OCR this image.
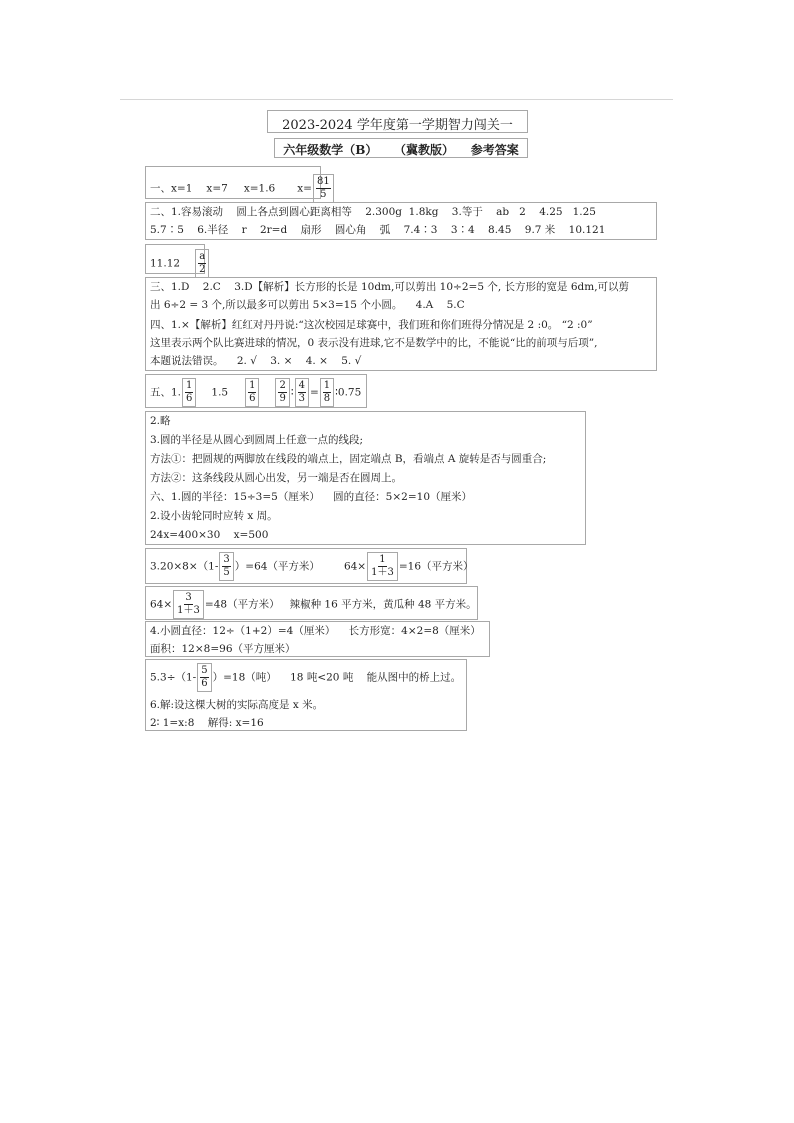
2023-2024 学年度第一学期智力闯关一
六年级数学（B）    （冀教版）    参考答案
一、x=1 x=7 x=1.6 $x= \frac{81}{5}$
二、1.容易滚动    圆上各点到圆心距离相等    2.300g  1.8kg    3.等于    ab   2    4.25   1.25
5.7∶5    6.半径    r    2r=d    扇形    圆心角    弧    7.4∶3    3∶4    8.45    9.7 米    10.121
$11.12 \frac{a}{2}$
三、1.D    2.C    3.D【解析】长方形的长是 10dm,可以剪出 10÷2=5 个, 长方形的宽是 6dm,可以剪
出 6÷2 = 3 个,所以最多可以剪出 5×3=15 个小圆。    4.A    5.C
四、1.×【解析】红红对丹丹说:“这次校园足球赛中，我们班和你们班得分情况是 2 :0。 “2 :0”
这里表示两个队比赛进球的情况，0 表示没有进球,它不是数学中的比，不能说“比的前项与后项”,
本题说法错误。    2. √    3. ×    4. ×    5. √
五、1. $\frac{1}{6} 1.5 \frac{1}{6} \frac{2}{9}$ ∶ $\frac{4}{3} = \frac{1}{8}$ ∶0.75
2.略
3.圆的半径是从圆心到圆周上任意一点的线段;
方法①：把圆规的两脚放在线段的端点上，固定端点 B，看端点 A 旋转是否与圆重合;
方法②：这条线段从圆心出发，另一端是否在圆周上。
六、1.圆的半径：15÷3=5（厘米）    圆的直径：5×2=10（厘米）
2.设小齿轮同时应转 x 周。
24x=400×30    x=500
$3.20\times 8\times(1- \frac{3}{5} )=64$（平方米） $64\times \frac{1}{1+3} =16$（平方米）
$64\times \frac{3}{1+3} =48$（平方米）   辣椒种 16 平方米，黄瓜种 48 平方米。
4.小圆直径：12÷（1+2）=4（厘米）    长方形宽：4×2=8（厘米）
面积：12×8=96（平方厘米）
$5.3\div(1- \frac{5}{6} )=18$（吨）    18 吨<20 吨    能从图中的桥上过。
6.解:设这棵大树的实际高度是 x 米。
2∶ 1=x:8    解得: x=16
